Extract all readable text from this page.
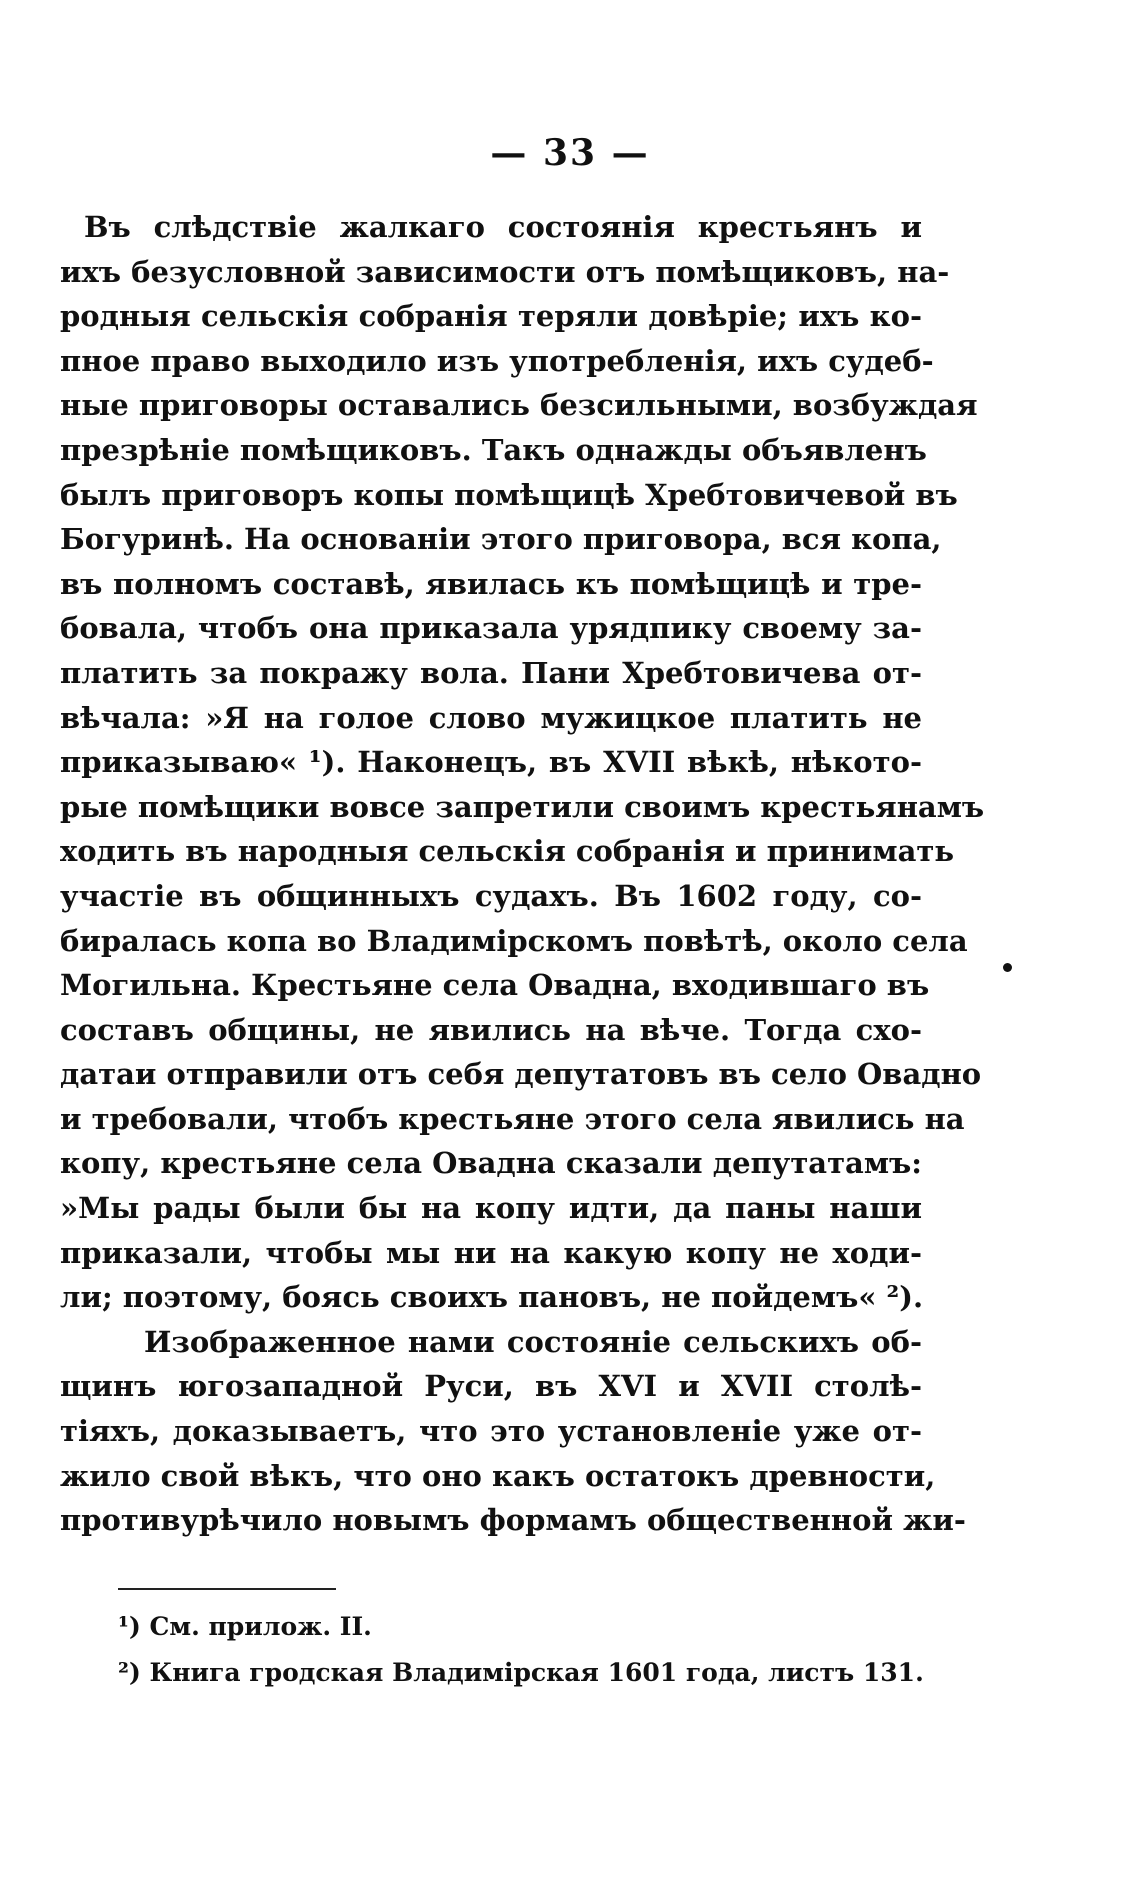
— 33 —
Въ слѣдствіе жалкаго состоянія крестьянъ и
ихъ безусловной зависимости отъ помѣщиковъ, на-
родныя сельскія собранія теряли довѣріе; ихъ ко-
пное право выходило изъ употребленія, ихъ судеб-
ные приговоры оставались безсильными, возбуждая
презрѣніе помѣщиковъ. Такъ однажды объявленъ
былъ приговоръ копы помѣщицѣ Хребтовичевой въ
Богуринѣ. На основаніи этого приговора, вся копа,
въ полномъ составѣ, явилась къ помѣщицѣ и тре-
бовала, чтобъ она приказала урядпику своему за-
платить за покражу вола. Пани Хребтовичева от-
вѣчала: »Я на голое слово мужицкое платить не
приказываю« ¹). Наконецъ, въ XVII вѣкѣ, нѣкото-
рые помѣщики вовсе запретили своимъ крестьянамъ
ходить въ народныя сельскія собранія и принимать
участіе въ общинныхъ судахъ. Въ 1602 году, со-
биралась копа во Владимірскомъ повѣтѣ, около села
Могильна. Крестьяне села Овадна, входившаго въ
составъ общины, не явились на вѣче. Тогда схо-
датаи отправили отъ себя депутатовъ въ село Овадно
и требовали, чтобъ крестьяне этого села явились на
копу, крестьяне села Овадна сказали депутатамъ:
»Мы рады были бы на копу идти, да паны наши
приказали, чтобы мы ни на какую копу не ходи-
ли; поэтому, боясь своихъ пановъ, не пойдемъ« ²).
Изображенное нами состояніе сельскихъ об-
щинъ югозападной Руси, въ XVI и XVII столѣ-
тіяхъ, доказываетъ, что это установленіе уже от-
жило свой вѣкъ, что оно какъ остатокъ древности,
противурѣчило новымъ формамъ общественной жи-
¹) См. прилож. II.
²) Книга гродская Владимірская 1601 года, листъ 131.
